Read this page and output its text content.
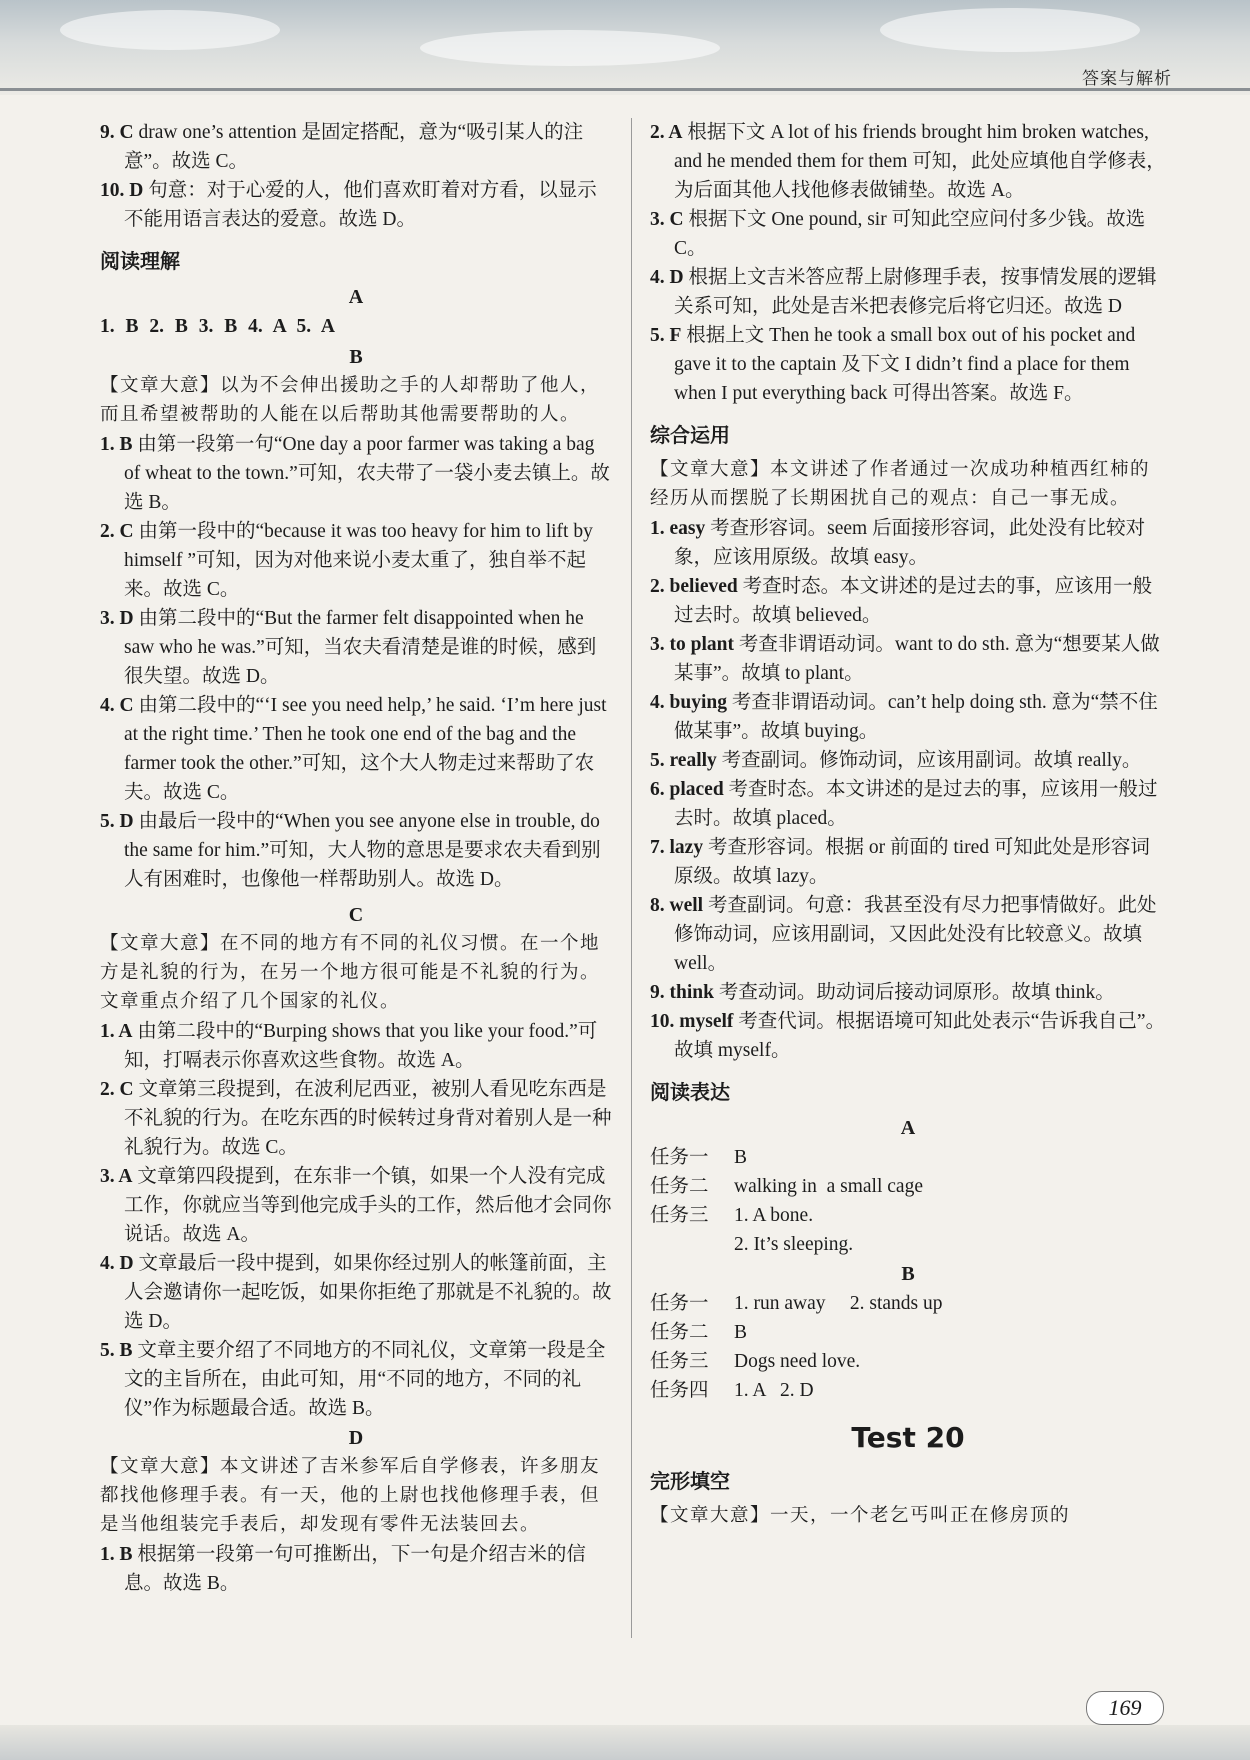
答案与解析

9. C draw one’s attention 是固定搭配，意为“吸引某人的注意”。故选 C。

10. D 句意：对于心爱的人，他们喜欢盯着对方看，以显示不能用语言表达的爱意。故选 D。

阅读理解
A
1. B 2. B 3. B 4. A 5. A
B

【文章大意】以为不会伸出援助之手的人却帮助了他人，而且希望被帮助的人能在以后帮助其他需要帮助的人。

1. B 由第一段第一句“One day a poor farmer was taking a bag of wheat to the town.”可知，农夫带了一袋小麦去镇上。故选 B。

2. C 由第一段中的“because it was too heavy for him to lift by himself ”可知，因为对他来说小麦太重了，独自举不起来。故选 C。

3. D 由第二段中的“But the farmer felt disappointed when he saw who he was.”可知，当农夫看清楚是谁的时候，感到很失望。故选 D。

4. C 由第二段中的“‘I see you need help,’ he said. ‘I’m here just at the right time.’ Then he took one end of the bag and the farmer took the other.”可知，这个大人物走过来帮助了农夫。故选 C。

5. D 由最后一段中的“When you see anyone else in trouble, do the same for him.”可知，大人物的意思是要求农夫看到别人有困难时，也像他一样帮助别人。故选 D。

C

【文章大意】在不同的地方有不同的礼仪习惯。在一个地方是礼貌的行为，在另一个地方很可能是不礼貌的行为。文章重点介绍了几个国家的礼仪。

1. A 由第二段中的“Burping shows that you like your food.”可知，打嗝表示你喜欢这些食物。故选 A。

2. C 文章第三段提到，在波利尼西亚，被别人看见吃东西是不礼貌的行为。在吃东西的时候转过身背对着别人是一种礼貌行为。故选 C。

3. A 文章第四段提到，在东非一个镇，如果一个人没有完成工作，你就应当等到他完成手头的工作，然后他才会同你说话。故选 A。

4. D 文章最后一段中提到，如果你经过别人的帐篷前面，主人会邀请你一起吃饭，如果你拒绝了那就是不礼貌的。故选 D。

5. B 文章主要介绍了不同地方的不同礼仪，文章第一段是全文的主旨所在，由此可知，用“不同的地方，不同的礼仪”作为标题最合适。故选 B。

D

【文章大意】本文讲述了吉米参军后自学修表，许多朋友都找他修理手表。有一天，他的上尉也找他修理手表，但是当他组装完手表后，却发现有零件无法装回去。

1. B 根据第一段第一句可推断出，下一句是介绍吉米的信息。故选 B。

2. A 根据下文 A lot of his friends brought him broken watches, and he mended them for them 可知，此处应填他自学修表，为后面其他人找他修表做铺垫。故选 A。

3. C 根据下文 One pound, sir 可知此空应问付多少钱。故选 C。

4. D 根据上文吉米答应帮上尉修理手表，按事情发展的逻辑关系可知，此处是吉米把表修完后将它归还。故选 D

5. F 根据上文 Then he took a small box out of his pocket and gave it to the captain 及下文 I didn’t find a place for them when I put everything back 可得出答案。故选 F。

综合运用

【文章大意】本文讲述了作者通过一次成功种植西红柿的经历从而摆脱了长期困扰自己的观点：自己一事无成。

1. easy 考查形容词。seem 后面接形容词，此处没有比较对象，应该用原级。故填 easy。

2. believed 考查时态。本文讲述的是过去的事，应该用一般过去时。故填 believed。

3. to plant 考查非谓语动词。want to do sth. 意为“想要某人做某事”。故填 to plant。

4. buying 考查非谓语动词。can’t help doing sth. 意为“禁不住做某事”。故填 buying。

5. really 考查副词。修饰动词，应该用副词。故填 really。

6. placed 考查时态。本文讲述的是过去的事，应该用一般过去时。故填 placed。

7. lazy 考查形容词。根据 or 前面的 tired 可知此处是形容词原级。故填 lazy。

8. well 考查副词。句意：我甚至没有尽力把事情做好。此处修饰动词，应该用副词，又因此处没有比较意义。故填 well。

9. think 考查动词。助动词后接动词原形。故填 think。

10. myself 考查代词。根据语境可知此处表示“告诉我自己”。故填 myself。

阅读表达
A
任务一	B
任务二	walking in  a small cage
任务三	1. A bone.
2. It’s sleeping.
B
任务一	1. run away     2. stands up
任务二	B
任务三	Dogs need love.
任务四	1. A   2. D
Test 20
完形填空

【文章大意】一天，一个老乞丐叫正在修房顶的

169
